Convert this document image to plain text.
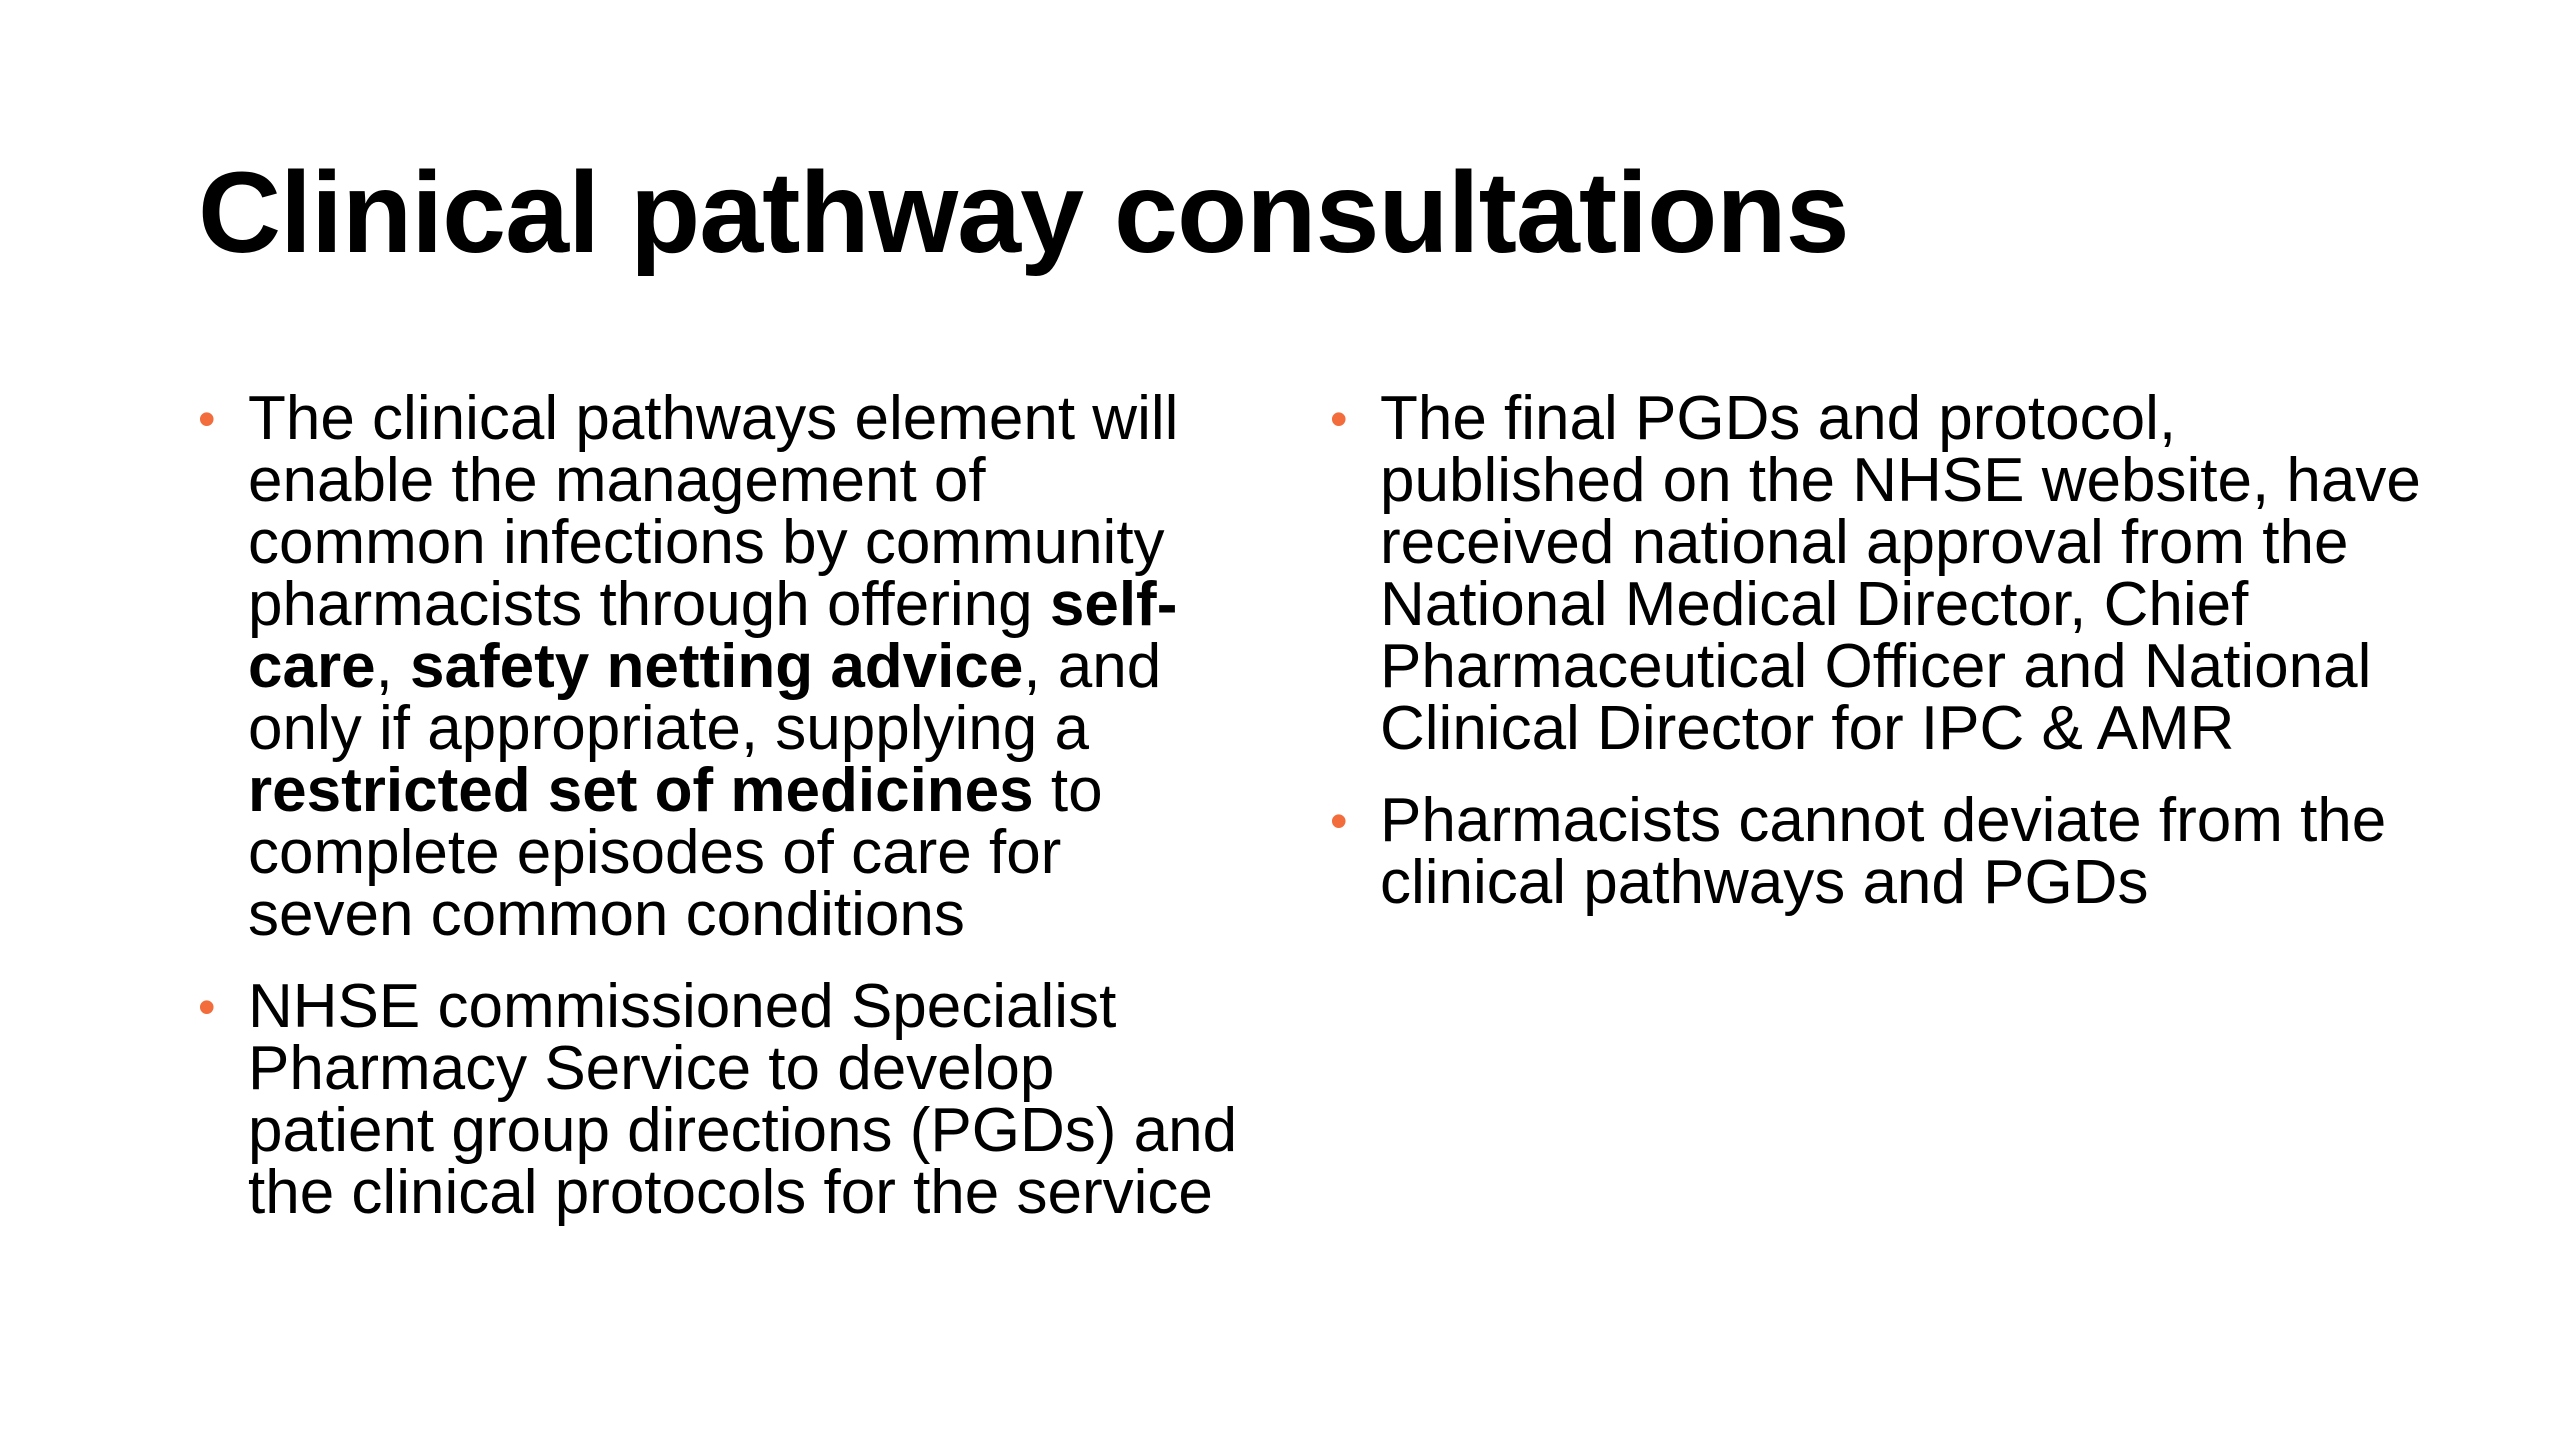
Clinical pathway consultations
• The clinical pathways element will enable the management of common infections by community pharmacists through offering self-care, safety netting advice, and only if appropriate, supplying a restricted set of medicines to complete episodes of care for seven common conditions
• NHSE commissioned Specialist Pharmacy Service to develop patient group directions (PGDs) and the clinical protocols for the service
• The final PGDs and protocol, published on the NHSE website, have received national approval from the National Medical Director, Chief Pharmaceutical Officer and National Clinical Director for IPC & AMR
• Pharmacists cannot deviate from the clinical pathways and PGDs
